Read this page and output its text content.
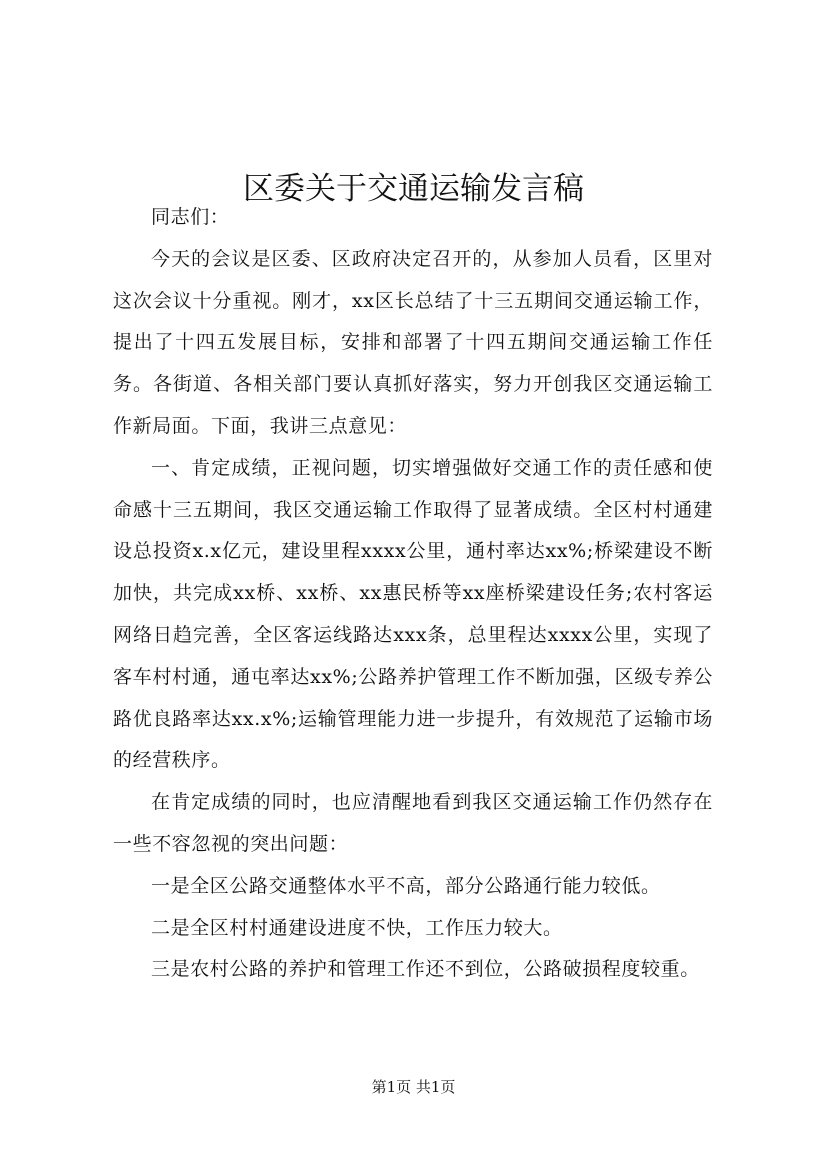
区委关于交通运输发言稿

同志们：

今天的会议是区委、区政府决定召开的，从参加人员看，区里对这次会议十分重视。刚才，xx区长总结了十三五期间交通运输工作，提出了十四五发展目标，安排和部署了十四五期间交通运输工作任务。各街道、各相关部门要认真抓好落实，努力开创我区交通运输工作新局面。下面，我讲三点意见：

一、肯定成绩，正视问题，切实增强做好交通工作的责任感和使命感十三五期间，我区交通运输工作取得了显著成绩。全区村村通建设总投资x.x亿元，建设里程xxxx公里，通村率达xx%;桥梁建设不断加快，共完成xx桥、xx桥、xx惠民桥等xx座桥梁建设任务;农村客运网络日趋完善，全区客运线路达xxx条，总里程达xxxx公里，实现了客车村村通，通屯率达xx%;公路养护管理工作不断加强，区级专养公路优良路率达xx.x%;运输管理能力进一步提升，有效规范了运输市场的经营秩序。

在肯定成绩的同时，也应清醒地看到我区交通运输工作仍然存在一些不容忽视的突出问题：

一是全区公路交通整体水平不高，部分公路通行能力较低。

二是全区村村通建设进度不快，工作压力较大。

三是农村公路的养护和管理工作还不到位，公路破损程度较重。

第1页 共1页
